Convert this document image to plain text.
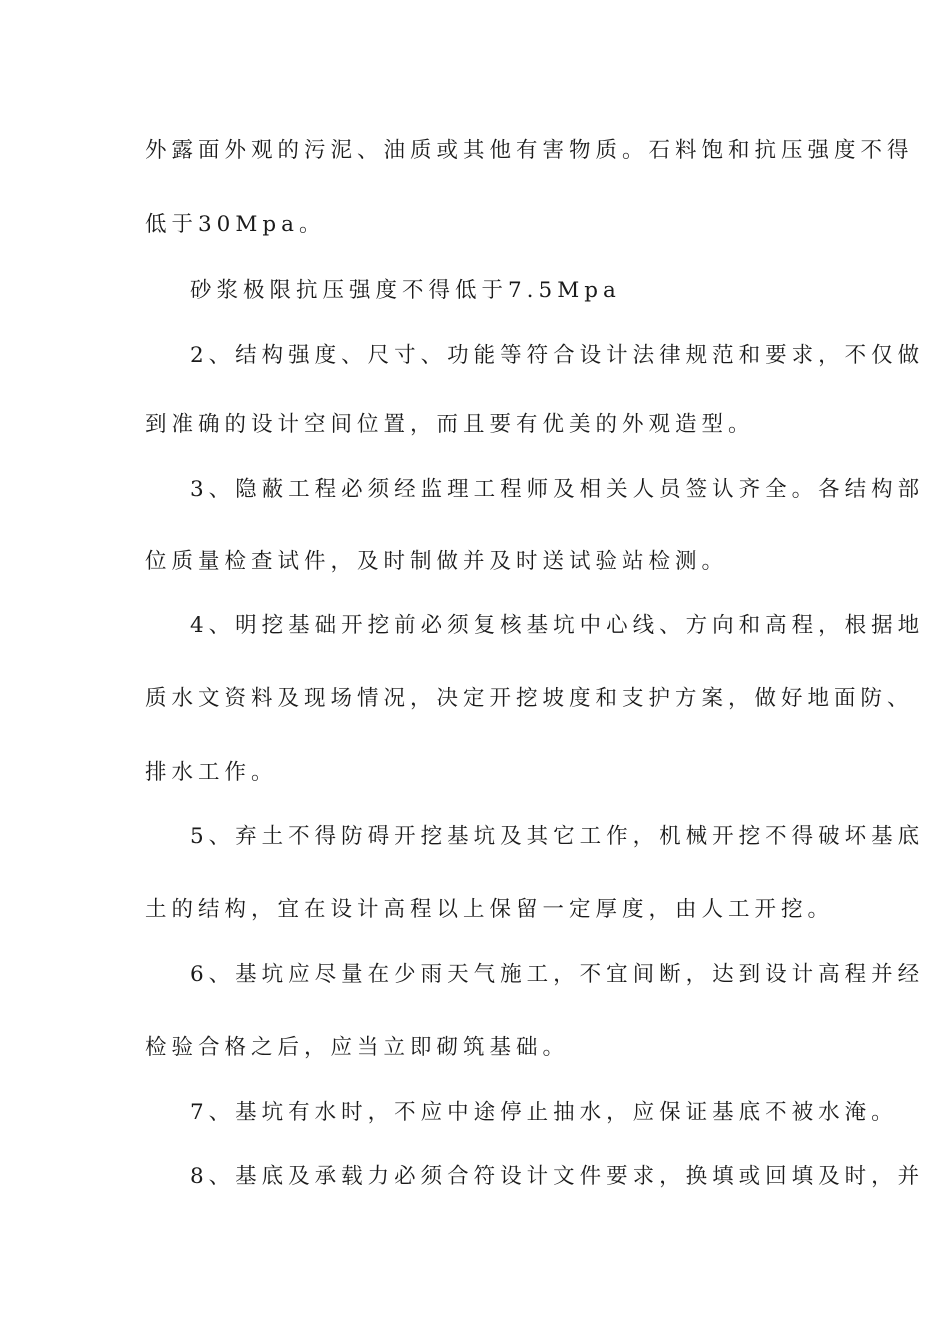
外露面外观的污泥、油质或其他有害物质。石料饱和抗压强度不得
低于30Mpa。
砂浆极限抗压强度不得低于7.5Mpa
2、结构强度、尺寸、功能等符合设计法律规范和要求，不仅做
到准确的设计空间位置，而且要有优美的外观造型。
3、隐蔽工程必须经监理工程师及相关人员签认齐全。各结构部
位质量检查试件，及时制做并及时送试验站检测。
4、明挖基础开挖前必须复核基坑中心线、方向和高程，根据地
质水文资料及现场情况，决定开挖坡度和支护方案，做好地面防、
排水工作。
5、弃土不得防碍开挖基坑及其它工作，机械开挖不得破坏基底
土的结构，宜在设计高程以上保留一定厚度，由人工开挖。
6、基坑应尽量在少雨天气施工，不宜间断，达到设计高程并经
检验合格之后，应当立即砌筑基础。
7、基坑有水时，不应中途停止抽水，应保证基底不被水淹。
8、基底及承载力必须合符设计文件要求，换填或回填及时，并
